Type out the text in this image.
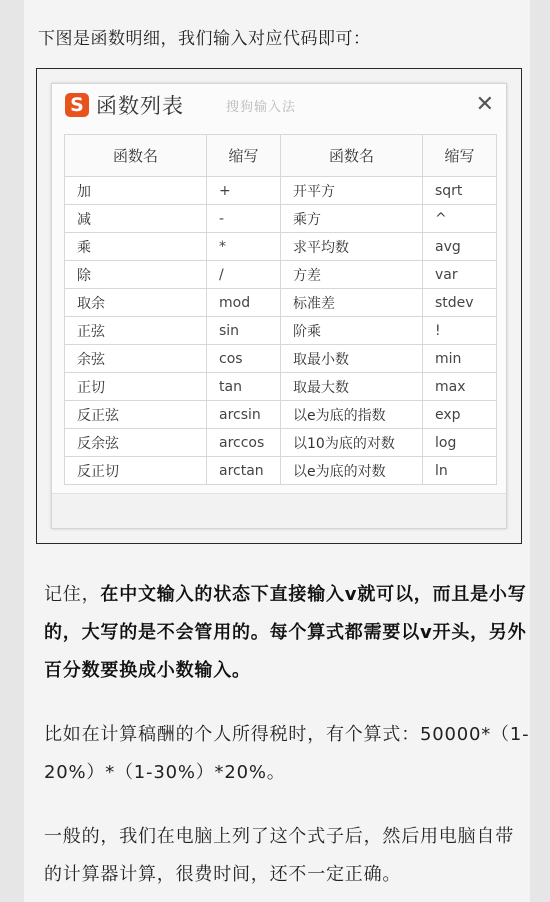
下图是函数明细，我们输入对应代码即可：
S 函数列表	搜狗输入法	✕
函数名	缩写	函数名	缩写
加	+	开平方	sqrt
减	-	乘方	^
乘	*	求平均数	avg
除	/	方差	var
取余	mod	标准差	stdev
正弦	sin	阶乘	!
余弦	cos	取最小数	min
正切	tan	取最大数	max
反正弦	arcsin	以e为底的指数	exp
反余弦	arccos	以10为底的对数	log
反正切	arctan	以e为底的对数	ln
记住，在中文输入的状态下直接输入v就可以，而且是小写的，大写的是不会管用的。每个算式都需要以v开头，另外百分数要换成小数输入。
比如在计算稿酬的个人所得税时，有个算式：50000*（1-20%）*（1-30%）*20%。
一般的，我们在电脑上列了这个式子后，然后用电脑自带的计算器计算，很费时间，还不一定正确。
